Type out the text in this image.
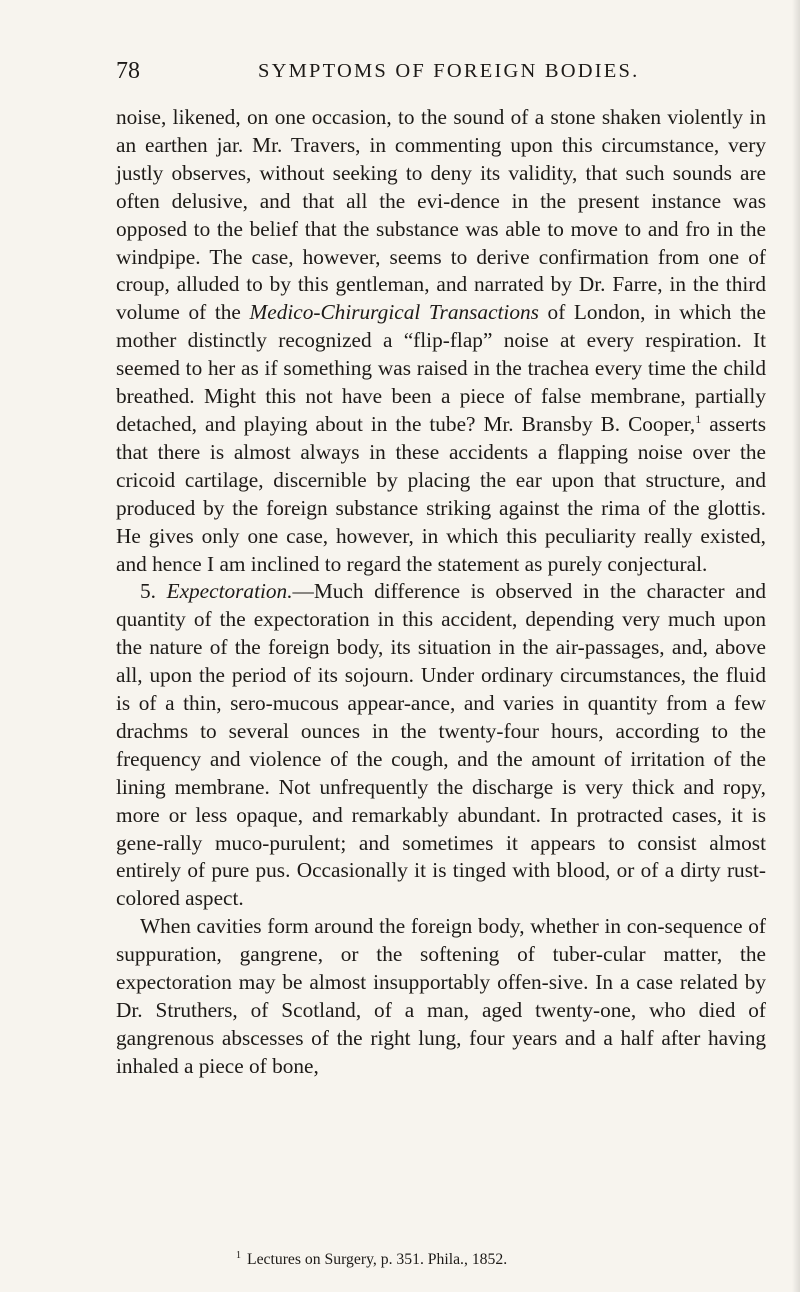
78	SYMPTOMS OF FOREIGN BODIES.

noise, likened, on one occasion, to the sound of a stone shaken violently in an earthen jar. Mr. Travers, in commenting upon this circumstance, very justly observes, without seeking to deny its validity, that such sounds are often delusive, and that all the evi-dence in the present instance was opposed to the belief that the substance was able to move to and fro in the windpipe. The case, however, seems to derive confirmation from one of croup, alluded to by this gentleman, and narrated by Dr. Farre, in the third volume of the Medico-Chirurgical Transactions of London, in which the mother distinctly recognized a “flip-flap” noise at every respiration. It seemed to her as if something was raised in the trachea every time the child breathed. Might this not have been a piece of false membrane, partially detached, and playing about in the tube? Mr. Bransby B. Cooper,$^1$ asserts that there is almost always in these accidents a flapping noise over the cricoid cartilage, discernible by placing the ear upon that structure, and produced by the foreign substance striking against the rima of the glottis. He gives only one case, however, in which this peculiarity really existed, and hence I am inclined to regard the statement as purely conjectural.

5. Expectoration.—Much difference is observed in the character and quantity of the expectoration in this accident, depending very much upon the nature of the foreign body, its situation in the air-passages, and, above all, upon the period of its sojourn. Under ordinary circumstances, the fluid is of a thin, sero-mucous appear-ance, and varies in quantity from a few drachms to several ounces in the twenty-four hours, according to the frequency and violence of the cough, and the amount of irritation of the lining membrane. Not unfrequently the discharge is very thick and ropy, more or less opaque, and remarkably abundant. In protracted cases, it is gene-rally muco-purulent; and sometimes it appears to consist almost entirely of pure pus. Occasionally it is tinged with blood, or of a dirty rust-colored aspect.

When cavities form around the foreign body, whether in con-sequence of suppuration, gangrene, or the softening of tuber-cular matter, the expectoration may be almost insupportably offen-sive. In a case related by Dr. Struthers, of Scotland, of a man, aged twenty-one, who died of gangrenous abscesses of the right lung, four years and a half after having inhaled a piece of bone,

$^1$ Lectures on Surgery, p. 351. Phila., 1852.
